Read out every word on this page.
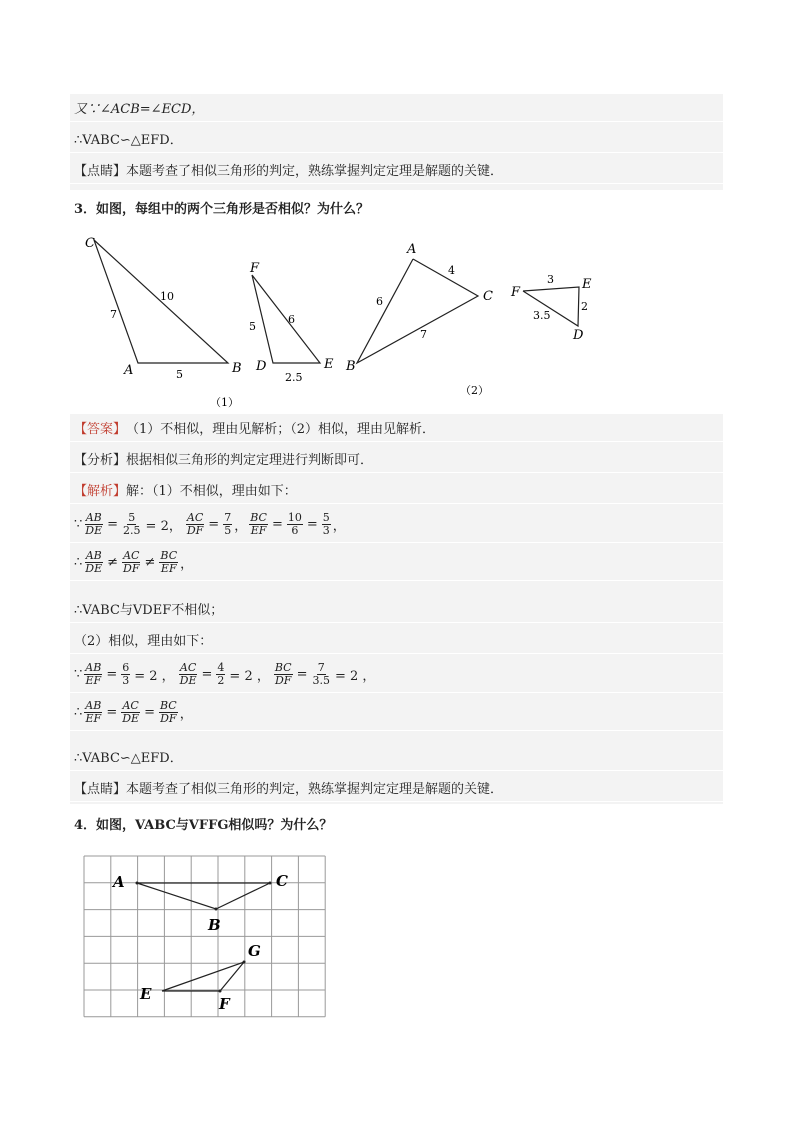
又∵∠ACB=∠ECD，
∴VABC∽△EFD．
【点睛】 本题考查了相似三角形的判定，熟练掌握判定定理是解题的关键．
3．如图，每组中的两个三角形是否相似？为什么？
C
A	B
7
10
5
F
D	E
5
6
2.5
（1）
A
B
C
6
4
7
F
E
D
3
2
3.5
（2）
【答案】 （1）不相似，理由见解析；（2）相似，理由见解析．
【分析】 根据相似三角形的判定定理进行判断即可．
【解析】 解：（1）不相似，理由如下：
∵ $\frac{AB}{DE} = \frac{5}{2.5} = 2$， $\frac{AC}{DF} = \frac{7}{5}$ ， $\frac{BC}{EF} = \frac{10}{6} = \frac{5}{3}$ ，
∴ $\frac{AB}{DE} \ne \frac{AC}{DF} \ne \frac{BC}{EF}$ ，
∴VABC与VDEF不相似；
（2）相似，理由如下：
∵ $\frac{AB}{EF} = \frac{6}{3} = 2$ ， $\frac{AC}{DE} = \frac{4}{2} = 2$ ， $\frac{BC}{DF} = \frac{7}{3.5} = 2$ ，
∴ $\frac{AB}{EF} = \frac{AC}{DE} = \frac{BC}{DF}$ ，
∴VABC∽△EFD．
【点睛】 本题考查了相似三角形的判定，熟练掌握判定定理是解题的关键．
4．如图，VABC与VFFG相似吗？为什么？
A
B
C
E
F
G
